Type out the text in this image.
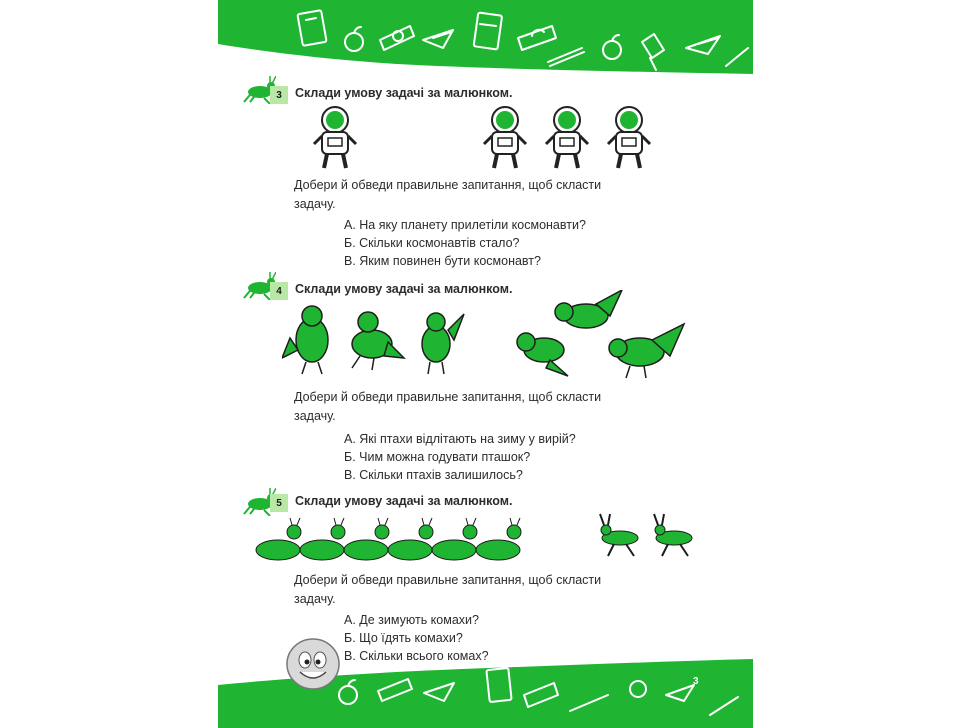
3	Склади умову задачі за малюнком.
Добери й обведи правильне запитання, щоб скласти
задачу.
А. На яку планету прилетіли космонавти?
Б. Скільки космонавтів стало?
В. Яким повинен бути космонавт?
4	Склади умову задачі за малюнком.
Добери й обведи правильне запитання, щоб скласти
задачу.
А. Які птахи відлітають на зиму у вирій?
Б. Чим можна годувати пташок?
В. Скільки птахів залишилось?
5	Склади умову задачі за малюнком.
Добери й обведи правильне запитання, щоб скласти
задачу.
А. Де зимують комахи?
Б. Що їдять комахи?
В. Скільки всього комах?
3
